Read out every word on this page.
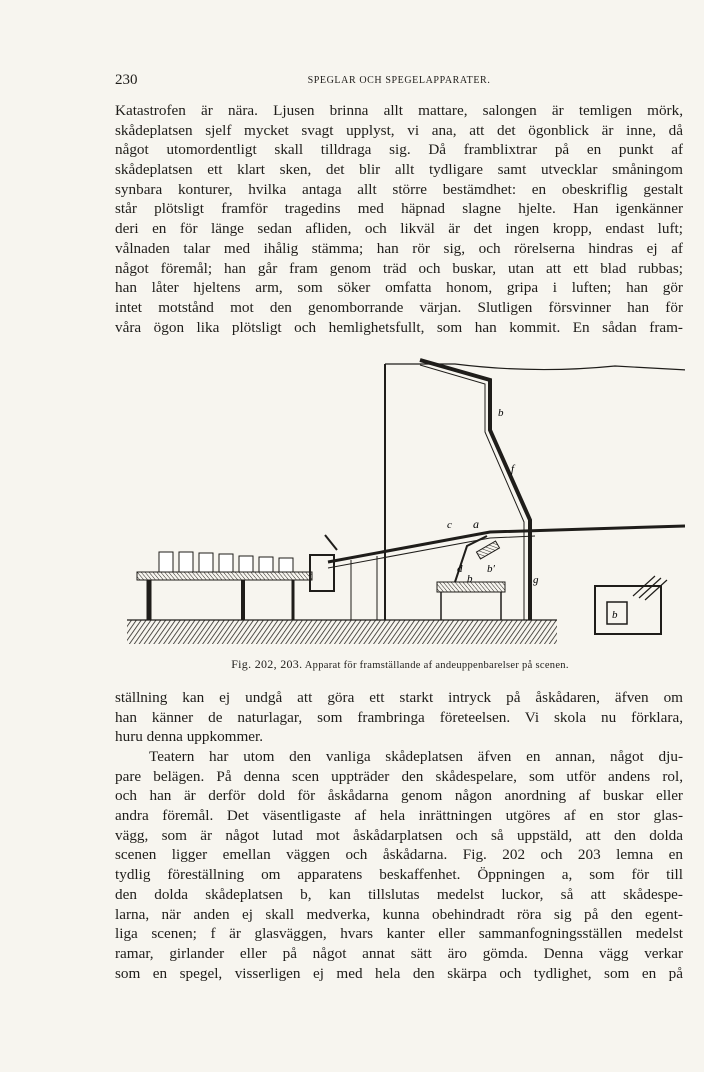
230	SPEGLAR OCH SPEGELAPPARATER.
Katastrofen är nära. Ljusen brinna allt mattare, salongen är temligen mörk,
skådeplatsen sjelf mycket svagt upplyst, vi ana, att det ögonblick är inne, då
något utomordentligt skall tilldraga sig. Då framblixtrar på en punkt af
skådeplatsen ett klart sken, det blir allt tydligare samt utvecklar småningom
synbara konturer, hvilka antaga allt större bestämdhet: en obeskriflig gestalt
står plötsligt framför tragedins med häpnad slagne hjelte. Han igenkänner
deri en för länge sedan afliden, och likväl är det ingen kropp, endast luft;
vålnaden talar med ihålig stämma; han rör sig, och rörelserna hindras ej af
något föremål; han går fram genom träd och buskar, utan att ett blad rubbas;
han låter hjeltens arm, som söker omfatta honom, gripa i luften; han gör
intet motstånd mot den genomborrande värjan. Slutligen försvinner han för
våra ögon lika plötsligt och hemlighetsfullt, som han kommit. En sådan fram-
a
b
c
d
f
g
b
b′
b
Fig. 202, 203. Apparat för framställande af andeuppenbarelser på scenen.
ställning kan ej undgå att göra ett starkt intryck på åskådaren, äfven om
han känner de naturlagar, som frambringa företeelsen. Vi skola nu förklara,
huru denna uppkommer.
Teatern har utom den vanliga skådeplatsen äfven en annan, något dju-
pare belägen. På denna scen uppträder den skådespelare, som utför andens rol,
och han är derför dold för åskådarna genom någon anordning af buskar eller
andra föremål. Det väsentligaste af hela inrättningen utgöres af en stor glas-
vägg, som är något lutad mot åskådarplatsen och så uppstäld, att den dolda
scenen ligger emellan väggen och åskådarna. Fig. 202 och 203 lemna en
tydlig föreställning om apparatens beskaffenhet. Öppningen a, som för till
den dolda skådeplatsen b, kan tillslutas medelst luckor, så att skådespe-
larna, när anden ej skall medverka, kunna obehindradt röra sig på den egent-
liga scenen; f är glasväggen, hvars kanter eller sammanfogningsställen medelst
ramar, girlander eller på något annat sätt äro gömda. Denna vägg verkar
som en spegel, visserligen ej med hela den skärpa och tydlighet, som en på
